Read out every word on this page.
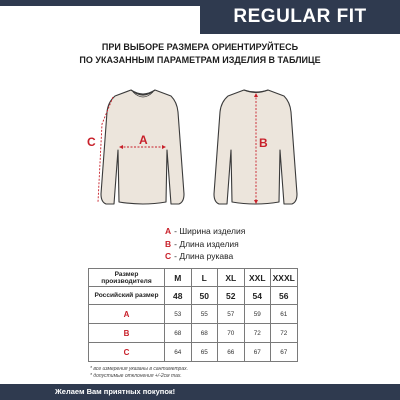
REGULAR FIT
ПРИ ВЫБОРЕ РАЗМЕРА ОРИЕНТИРУЙТЕСЬ
ПО УКАЗАННЫМ ПАРАМЕТРАМ ИЗДЕЛИЯ В ТАБЛИЦЕ
A	B
C
A - Ширина изделия
B - Длина изделия
C - Длина рукава
Размер производителя	M	L	XL	XXL	XXXL
Российский размер	48	50	52	54	56
A	53	55	57	59	61
B	68	68	70	72	72
C	64	65	66	67	67
* все измерения указаны в сантиметрах.
* допустимые отклонения +/-2см max.
Желаем Вам приятных покупок!
